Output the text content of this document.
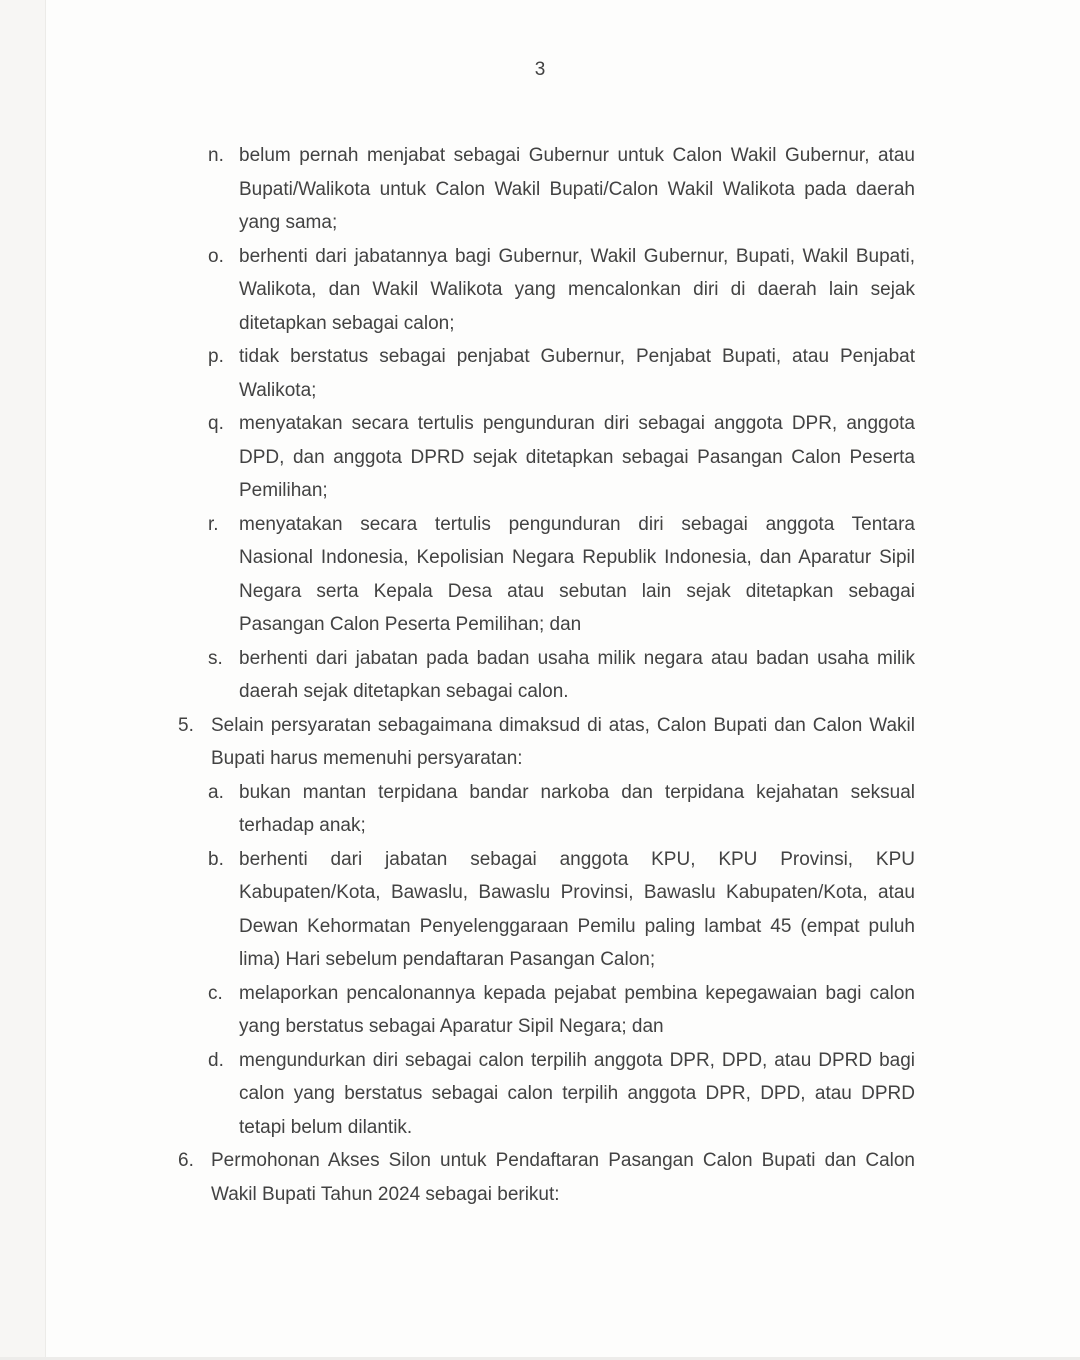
3
n. belum pernah menjabat sebagai Gubernur untuk Calon Wakil Gubernur, atau
Bupati/Walikota untuk Calon Wakil Bupati/Calon Wakil Walikota pada daerah
yang sama;
o. berhenti dari jabatannya bagi Gubernur, Wakil Gubernur, Bupati, Wakil Bupati,
Walikota, dan Wakil Walikota yang mencalonkan diri di daerah lain sejak
ditetapkan sebagai calon;
p. tidak berstatus sebagai penjabat Gubernur, Penjabat Bupati, atau Penjabat
Walikota;
q. menyatakan secara tertulis pengunduran diri sebagai anggota DPR, anggota
DPD, dan anggota DPRD sejak ditetapkan sebagai Pasangan Calon Peserta
Pemilihan;
r.	menyatakan secara tertulis pengunduran diri sebagai anggota Tentara
Nasional Indonesia, Kepolisian Negara Republik Indonesia, dan Aparatur Sipil
Negara serta Kepala Desa atau sebutan lain sejak ditetapkan sebagai
Pasangan Calon Peserta Pemilihan; dan
s. berhenti dari jabatan pada badan usaha milik negara atau badan usaha milik
daerah sejak ditetapkan sebagai calon.
5. Selain persyaratan sebagaimana dimaksud di atas, Calon Bupati dan Calon Wakil
Bupati harus memenuhi persyaratan:
a. bukan mantan terpidana bandar narkoba dan terpidana kejahatan seksual
terhadap anak;
b. berhenti dari jabatan sebagai anggota KPU, KPU Provinsi, KPU
Kabupaten/Kota, Bawaslu, Bawaslu Provinsi, Bawaslu Kabupaten/Kota, atau
Dewan Kehormatan Penyelenggaraan Pemilu paling lambat 45 (empat puluh
lima) Hari sebelum pendaftaran Pasangan Calon;
c. melaporkan pencalonannya kepada pejabat pembina kepegawaian bagi calon
yang berstatus sebagai Aparatur Sipil Negara; dan
d. mengundurkan diri sebagai calon terpilih anggota DPR, DPD, atau DPRD bagi
calon yang berstatus sebagai calon terpilih anggota DPR, DPD, atau DPRD
tetapi belum dilantik.
6. Permohonan Akses Silon untuk Pendaftaran Pasangan Calon Bupati dan Calon
Wakil Bupati Tahun 2024 sebagai berikut:
